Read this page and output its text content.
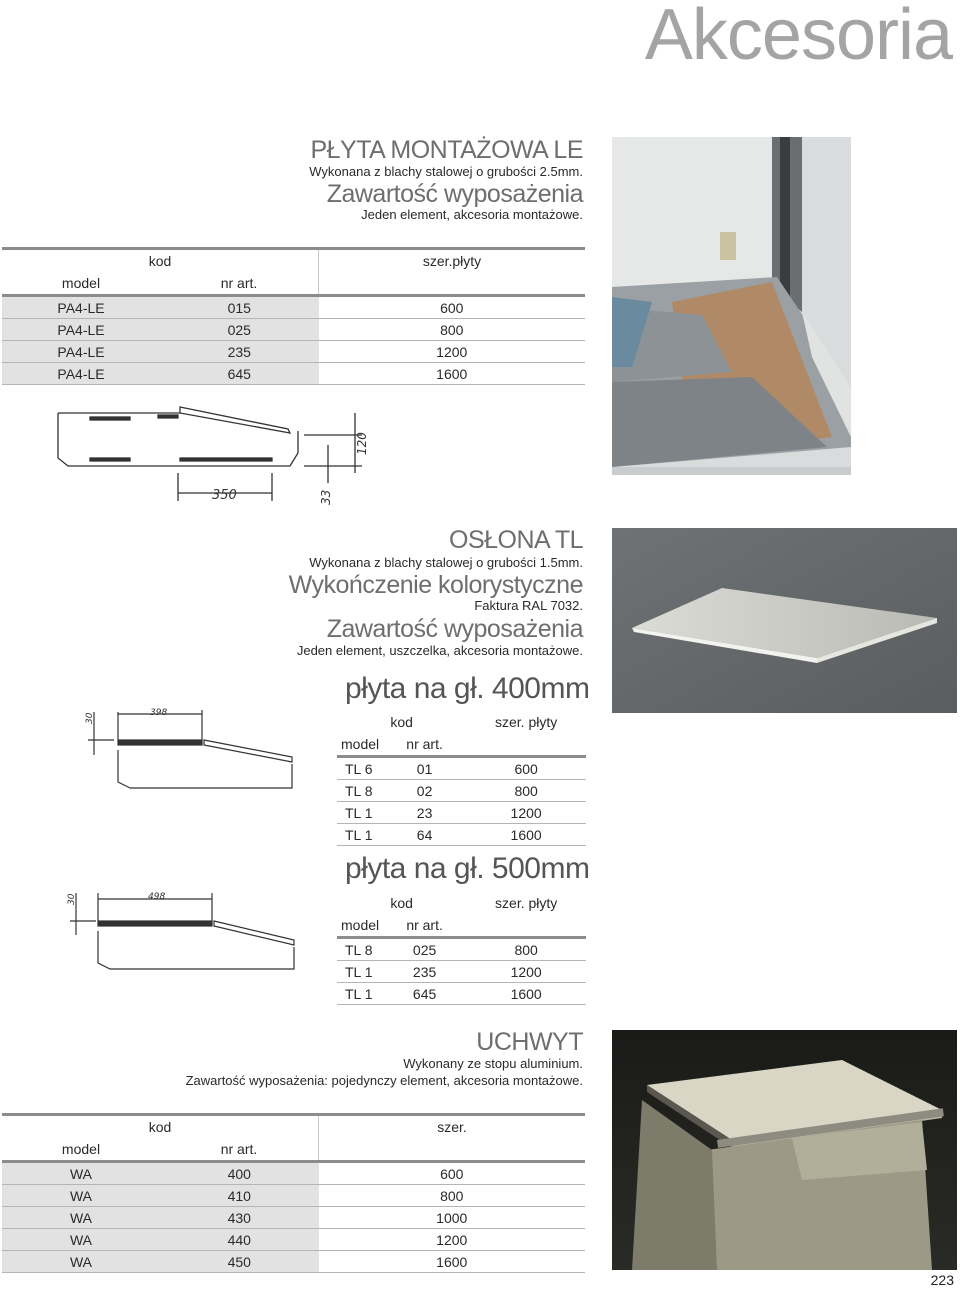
Akcesoria
PŁYTA MONTAŻOWA LE
Wykonana z blachy stalowej o grubości 2.5mm.
Zawartość wyposażenia
Jeden element, akcesoria montażowe.
kod		szer.płyty
model	nr art.	
PA4-LE	015	600
PA4-LE	025	800
PA4-LE	235	1200
PA4-LE	645	1600
350
120
33
OSŁONA TL
Wykonana z blachy stalowej o grubości 1.5mm.
Wykończenie kolorystyczne
Faktura RAL 7032.
Zawartość wyposażenia
Jeden element, uszczelka, akcesoria montażowe.
płyta na gł. 400mm
kod		szer. płyty
model	nr art.	
TL 6	01	600
TL 8	02	800
TL 1	23	1200
TL 1	64	1600
398
30
płyta na gł. 500mm
kod		szer. płyty
model	nr art.	
TL 8	025	800
TL 1	235	1200
TL 1	645	1600
498
30
UCHWYT
Wykonany ze stopu aluminium.
Zawartość wyposażenia: pojedynczy element, akcesoria montażowe.
kod		szer.
model	nr art.	
WA	400	600
WA	410	800
WA	430	1000
WA	440	1200
WA	450	1600
223
